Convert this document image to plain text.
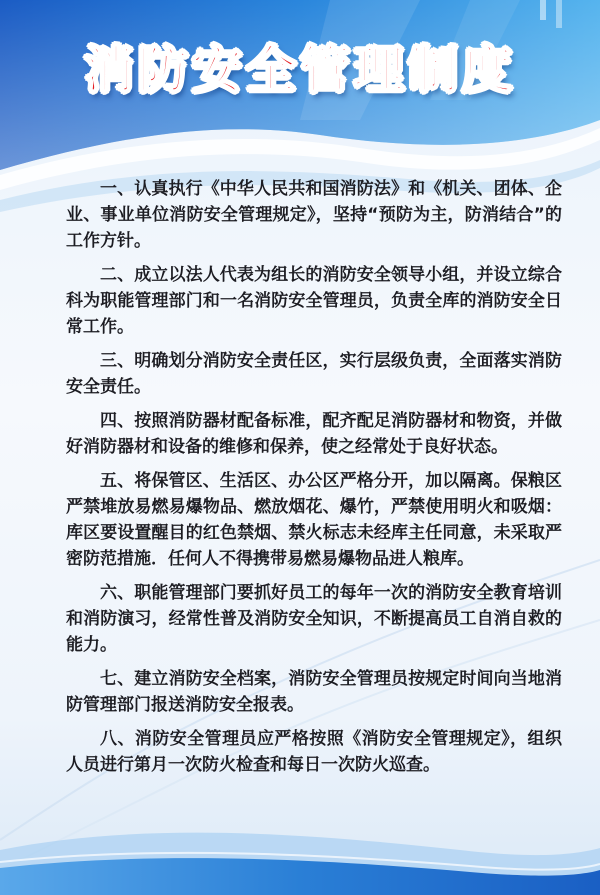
消防安全管理制度

一、认真执行《中华人民共和国消防法》和《机关、团体、企业、事业单位消防安全管理规定》，坚持“预防为主，防消结合”的工作方针。

二、成立以法人代表为组长的消防安全领导小组，并设立综合科为职能管理部门和一名消防安全管理员，负责全库的消防安全日常工作。

三、明确划分消防安全责任区，实行层级负责，全面落实消防安全责任。

四、按照消防器材配备标准，配齐配足消防器材和物资，并做好消防器材和设备的维修和保养，使之经常处于良好状态。

五、将保管区、生活区、办公区严格分开，加以隔离。保粮区严禁堆放易燃易爆物品、燃放烟花、爆竹，严禁使用明火和吸烟：库区要设置醒目的红色禁烟、禁火标志未经库主任同意，未采取严密防范措施．任何人不得携带易燃易爆物品进人粮库。

六、职能管理部门要抓好员工的每年一次的消防安全教育培训和消防演习，经常性普及消防安全知识，不断提高员工自消自救的能力。

七、建立消防安全档案，消防安全管理员按规定时间向当地消防管理部门报送消防安全报表。

八、消防安全管理员应严格按照《消防安全管理规定》，组织人员进行第月一次防火检查和每日一次防火巡查。
